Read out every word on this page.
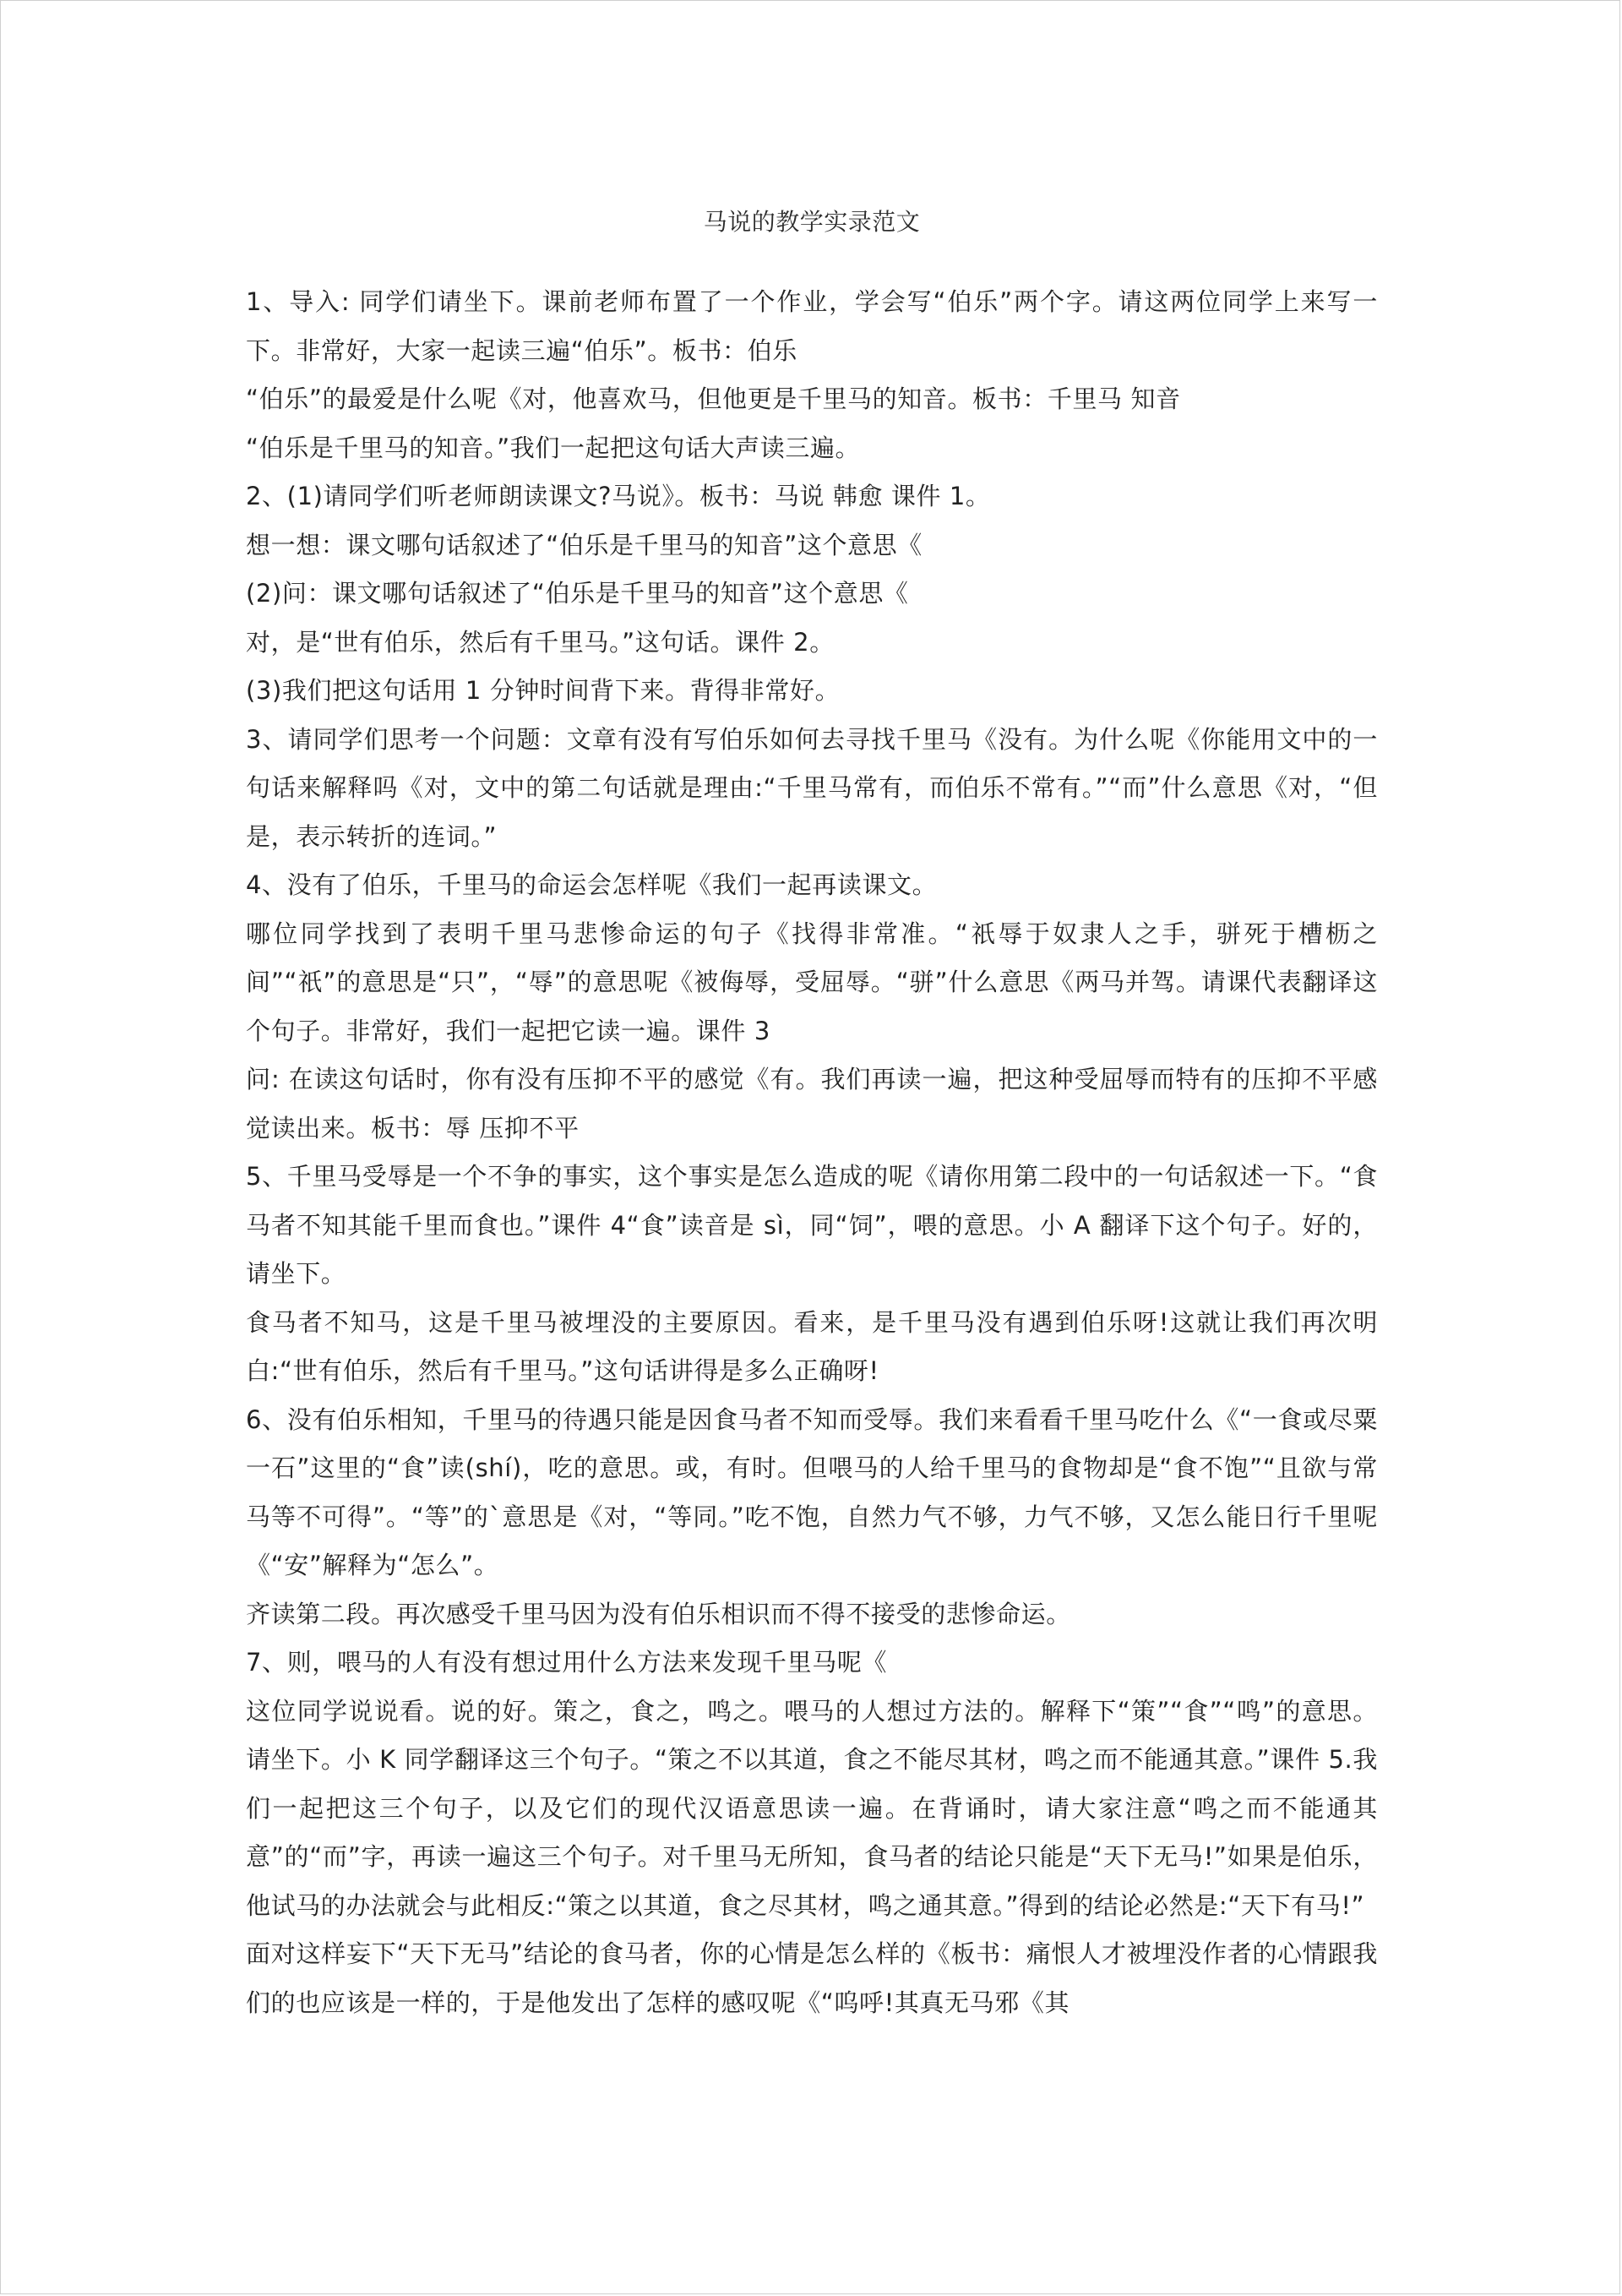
马说的教学实录范文

1、导入: 同学们请坐下。课前老师布置了一个作业，学会写“伯乐”两个字。请这两位同学上来写一下。非常好，大家一起读三遍“伯乐”。板书：伯乐

“伯乐”的最爱是什么呢《对，他喜欢马，但他更是千里马的知音。板书：千里马 知音

“伯乐是千里马的知音。”我们一起把这句话大声读三遍。

2、(1)请同学们听老师朗读课文?马说》。板书：马说 韩愈 课件 1。

想一想：课文哪句话叙述了“伯乐是千里马的知音”这个意思《

(2)问：课文哪句话叙述了“伯乐是千里马的知音”这个意思《

对，是“世有伯乐，然后有千里马。”这句话。课件 2。

(3)我们把这句话用 1 分钟时间背下来。背得非常好。

3、请同学们思考一个问题：文章有没有写伯乐如何去寻找千里马《没有。为什么呢《你能用文中的一句话来解释吗《对，文中的第二句话就是理由:“千里马常有，而伯乐不常有。”“而”什么意思《对，“但是，表示转折的连词。”

4、没有了伯乐，千里马的命运会怎样呢《我们一起再读课文。

哪位同学找到了表明千里马悲惨命运的句子《找得非常准。“祇辱于奴隶人之手，骈死于槽枥之间”“祇”的意思是“只”，“辱”的意思呢《被侮辱，受屈辱。“骈”什么意思《两马并驾。请课代表翻译这个句子。非常好，我们一起把它读一遍。课件 3

问: 在读这句话时，你有没有压抑不平的感觉《有。我们再读一遍，把这种受屈辱而特有的压抑不平感觉读出来。板书：辱 压抑不平

5、千里马受辱是一个不争的事实，这个事实是怎么造成的呢《请你用第二段中的一句话叙述一下。“食马者不知其能千里而食也。”课件 4“食”读音是 sì，同“饲”，喂的意思。小 A 翻译下这个句子。好的，请坐下。

食马者不知马，这是千里马被埋没的主要原因。看来，是千里马没有遇到伯乐呀!这就让我们再次明白:“世有伯乐，然后有千里马。”这句话讲得是多么正确呀!

6、没有伯乐相知，千里马的待遇只能是因食马者不知而受辱。我们来看看千里马吃什么《“一食或尽粟一石”这里的“食”读(shí)，吃的意思。或，有时。但喂马的人给千里马的食物却是“食不饱”“且欲与常马等不可得”。“等”的`意思是《对，“等同。”吃不饱，自然力气不够，力气不够，又怎么能日行千里呢《“安”解释为“怎么”。

齐读第二段。再次感受千里马因为没有伯乐相识而不得不接受的悲惨命运。

7、则，喂马的人有没有想过用什么方法来发现千里马呢《

这位同学说说看。说的好。策之，食之，鸣之。喂马的人想过方法的。解释下“策”“食”“鸣”的意思。 请坐下。小 K 同学翻译这三个句子。“策之不以其道，食之不能尽其材，鸣之而不能通其意。”课件 5.我们一起把这三个句子，以及它们的现代汉语意思读一遍。在背诵时，请大家注意“鸣之而不能通其意”的“而”字，再读一遍这三个句子。对千里马无所知，食马者的结论只能是“天下无马!”如果是伯乐，他试马的办法就会与此相反:“策之以其道，食之尽其材，鸣之通其意。”得到的结论必然是:“天下有马!”

面对这样妄下“天下无马”结论的食马者，你的心情是怎么样的《板书：痛恨人才被埋没作者的心情跟我们的也应该是一样的，于是他发出了怎样的感叹呢《“呜呼!其真无马邪《其
